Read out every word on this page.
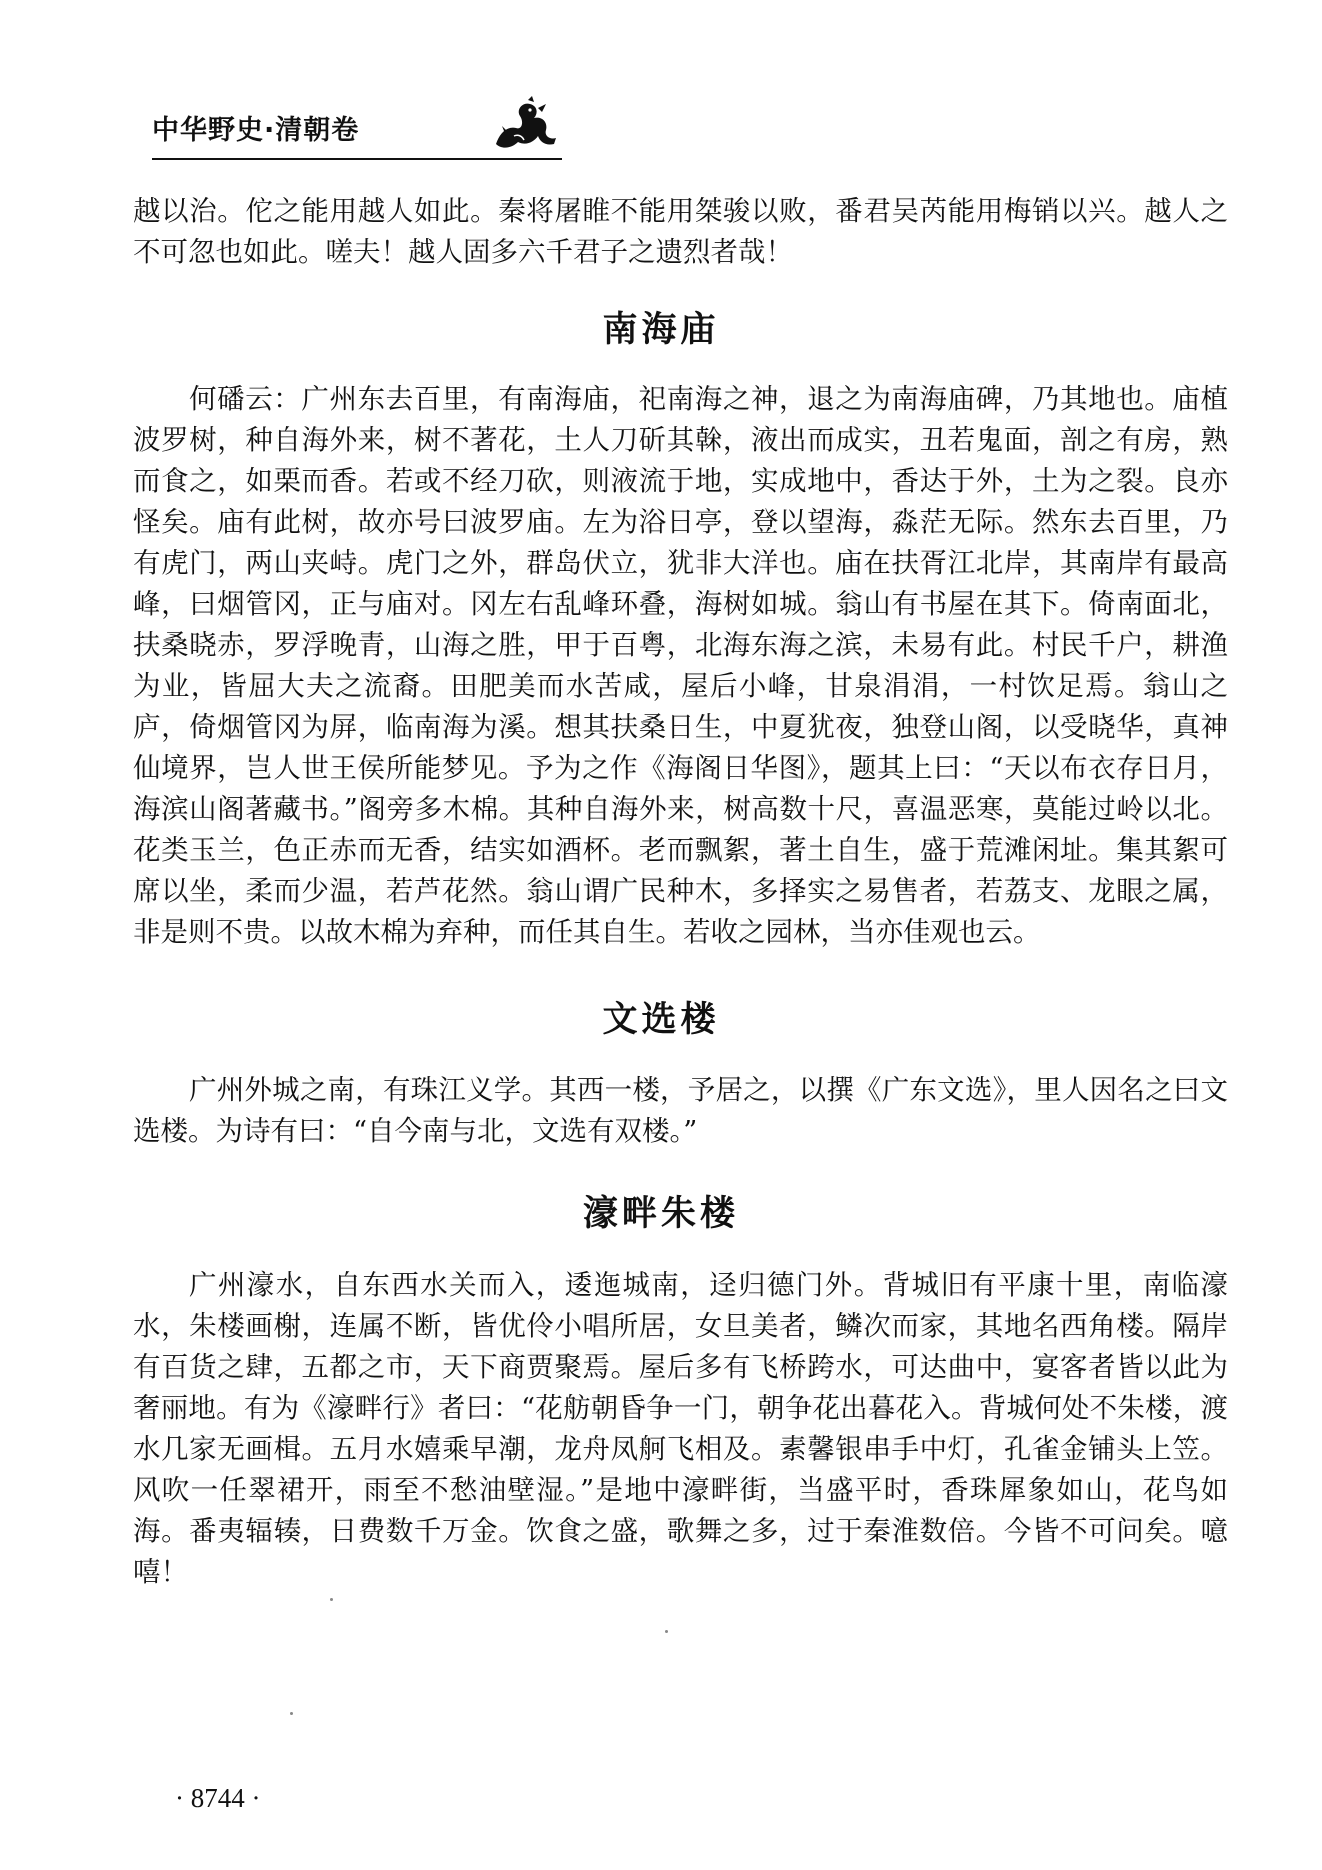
中华野史·清朝卷

越以治。佗之能用越人如此。秦将屠睢不能用桀骏以败，番君吴芮能用梅销以兴。越人之不可忽也如此。嗟夫！越人固多六千君子之遗烈者哉！

南海庙

何磻云：广州东去百里，有南海庙，祀南海之神，退之为南海庙碑，乃其地也。庙植波罗树，种自海外来，树不著花，土人刀斫其榦，液出而成实，丑若鬼面，剖之有房，熟而食之，如栗而香。若或不经刀砍，则液流于地，实成地中，香达于外，土为之裂。良亦怪矣。庙有此树，故亦号曰波罗庙。左为浴日亭，登以望海，淼茫无际。然东去百里，乃有虎门，两山夹峙。虎门之外，群岛伏立，犹非大洋也。庙在扶胥江北岸，其南岸有最高峰，曰烟管冈，正与庙对。冈左右乱峰环叠，海树如城。翁山有书屋在其下。倚南面北，扶桑晓赤，罗浮晚青，山海之胜，甲于百粤，北海东海之滨，未易有此。村民千户，耕渔为业，皆屈大夫之流裔。田肥美而水苦咸，屋后小峰，甘泉涓涓，一村饮足焉。翁山之庐，倚烟管冈为屏，临南海为溪。想其扶桑日生，中夏犹夜，独登山阁，以受晓华，真神仙境界，岂人世王侯所能梦见。予为之作《海阁日华图》，题其上曰：“天以布衣存日月，海滨山阁著藏书。”阁旁多木棉。其种自海外来，树高数十尺，喜温恶寒，莫能过岭以北。花类玉兰，色正赤而无香，结实如酒杯。老而飘絮，著土自生，盛于荒滩闲址。集其絮可席以坐，柔而少温，若芦花然。翁山谓广民种木，多择实之易售者，若荔支、龙眼之属，非是则不贵。以故木棉为弃种，而任其自生。若收之园林，当亦佳观也云。

文选楼

广州外城之南，有珠江义学。其西一楼，予居之，以撰《广东文选》，里人因名之曰文选楼。为诗有曰：“自今南与北，文选有双楼。”

濠畔朱楼

广州濠水，自东西水关而入，逶迤城南，迳归德门外。背城旧有平康十里，南临濠水，朱楼画榭，连属不断，皆优伶小唱所居，女旦美者，鳞次而家，其地名西角楼。隔岸有百货之肆，五都之市，天下商贾聚焉。屋后多有飞桥跨水，可达曲中，宴客者皆以此为奢丽地。有为《濠畔行》者曰：“花舫朝昏争一门，朝争花出暮花入。背城何处不朱楼，渡水几家无画楫。五月水嬉乘早潮，龙舟凤舸飞相及。素馨银串手中灯，孔雀金铺头上笠。风吹一任翠裙开，雨至不愁油壁湿。”是地中濠畔街，当盛平时，香珠犀象如山，花鸟如海。番夷辐辏，日费数千万金。饮食之盛，歌舞之多，过于秦淮数倍。今皆不可问矣。噫嘻！

· 8744 ·
